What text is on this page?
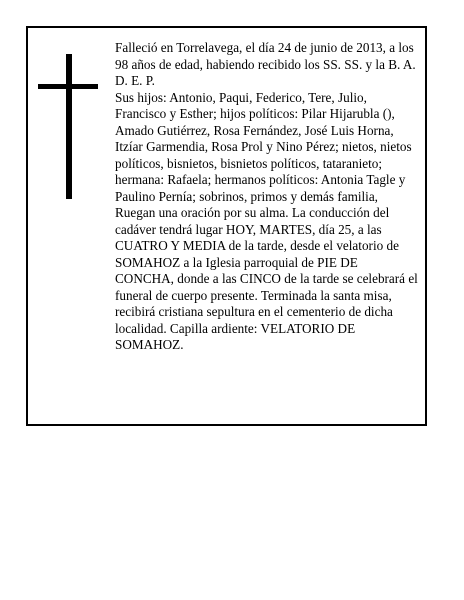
Falleció en Torrelavega, el día 24 de junio de 2013, a los 98 años de edad, habiendo recibido los SS. SS. y la B. A.

D. E. P.

Sus hijos: Antonio, Paqui, Federico, Tere, Julio, Francisco y Esther; hijos políticos: Pilar Hijarubla (), Amado Gutiérrez, Rosa Fernández, José Luis Horna, Itzíar Garmendia, Rosa Prol y Nino Pérez; nietos, nietos políticos, bisnietos, bisnietos políticos, tataranieto; hermana: Rafaela; hermanos políticos: Antonia Tagle y Paulino Pernía; sobrinos, primos y demás familia, Ruegan una oración por su alma. La conducción del cadáver tendrá lugar HOY, MARTES, día 25, a las CUATRO Y MEDIA de la tarde, desde el velatorio de SOMAHOZ a la Iglesia parroquial de PIE DE CONCHA, donde a las CINCO de la tarde se celebrará el funeral de cuerpo presente. Terminada la santa misa, recibirá cristiana sepultura en el cementerio de dicha localidad. Capilla ardiente: VELATORIO DE SOMAHOZ.
